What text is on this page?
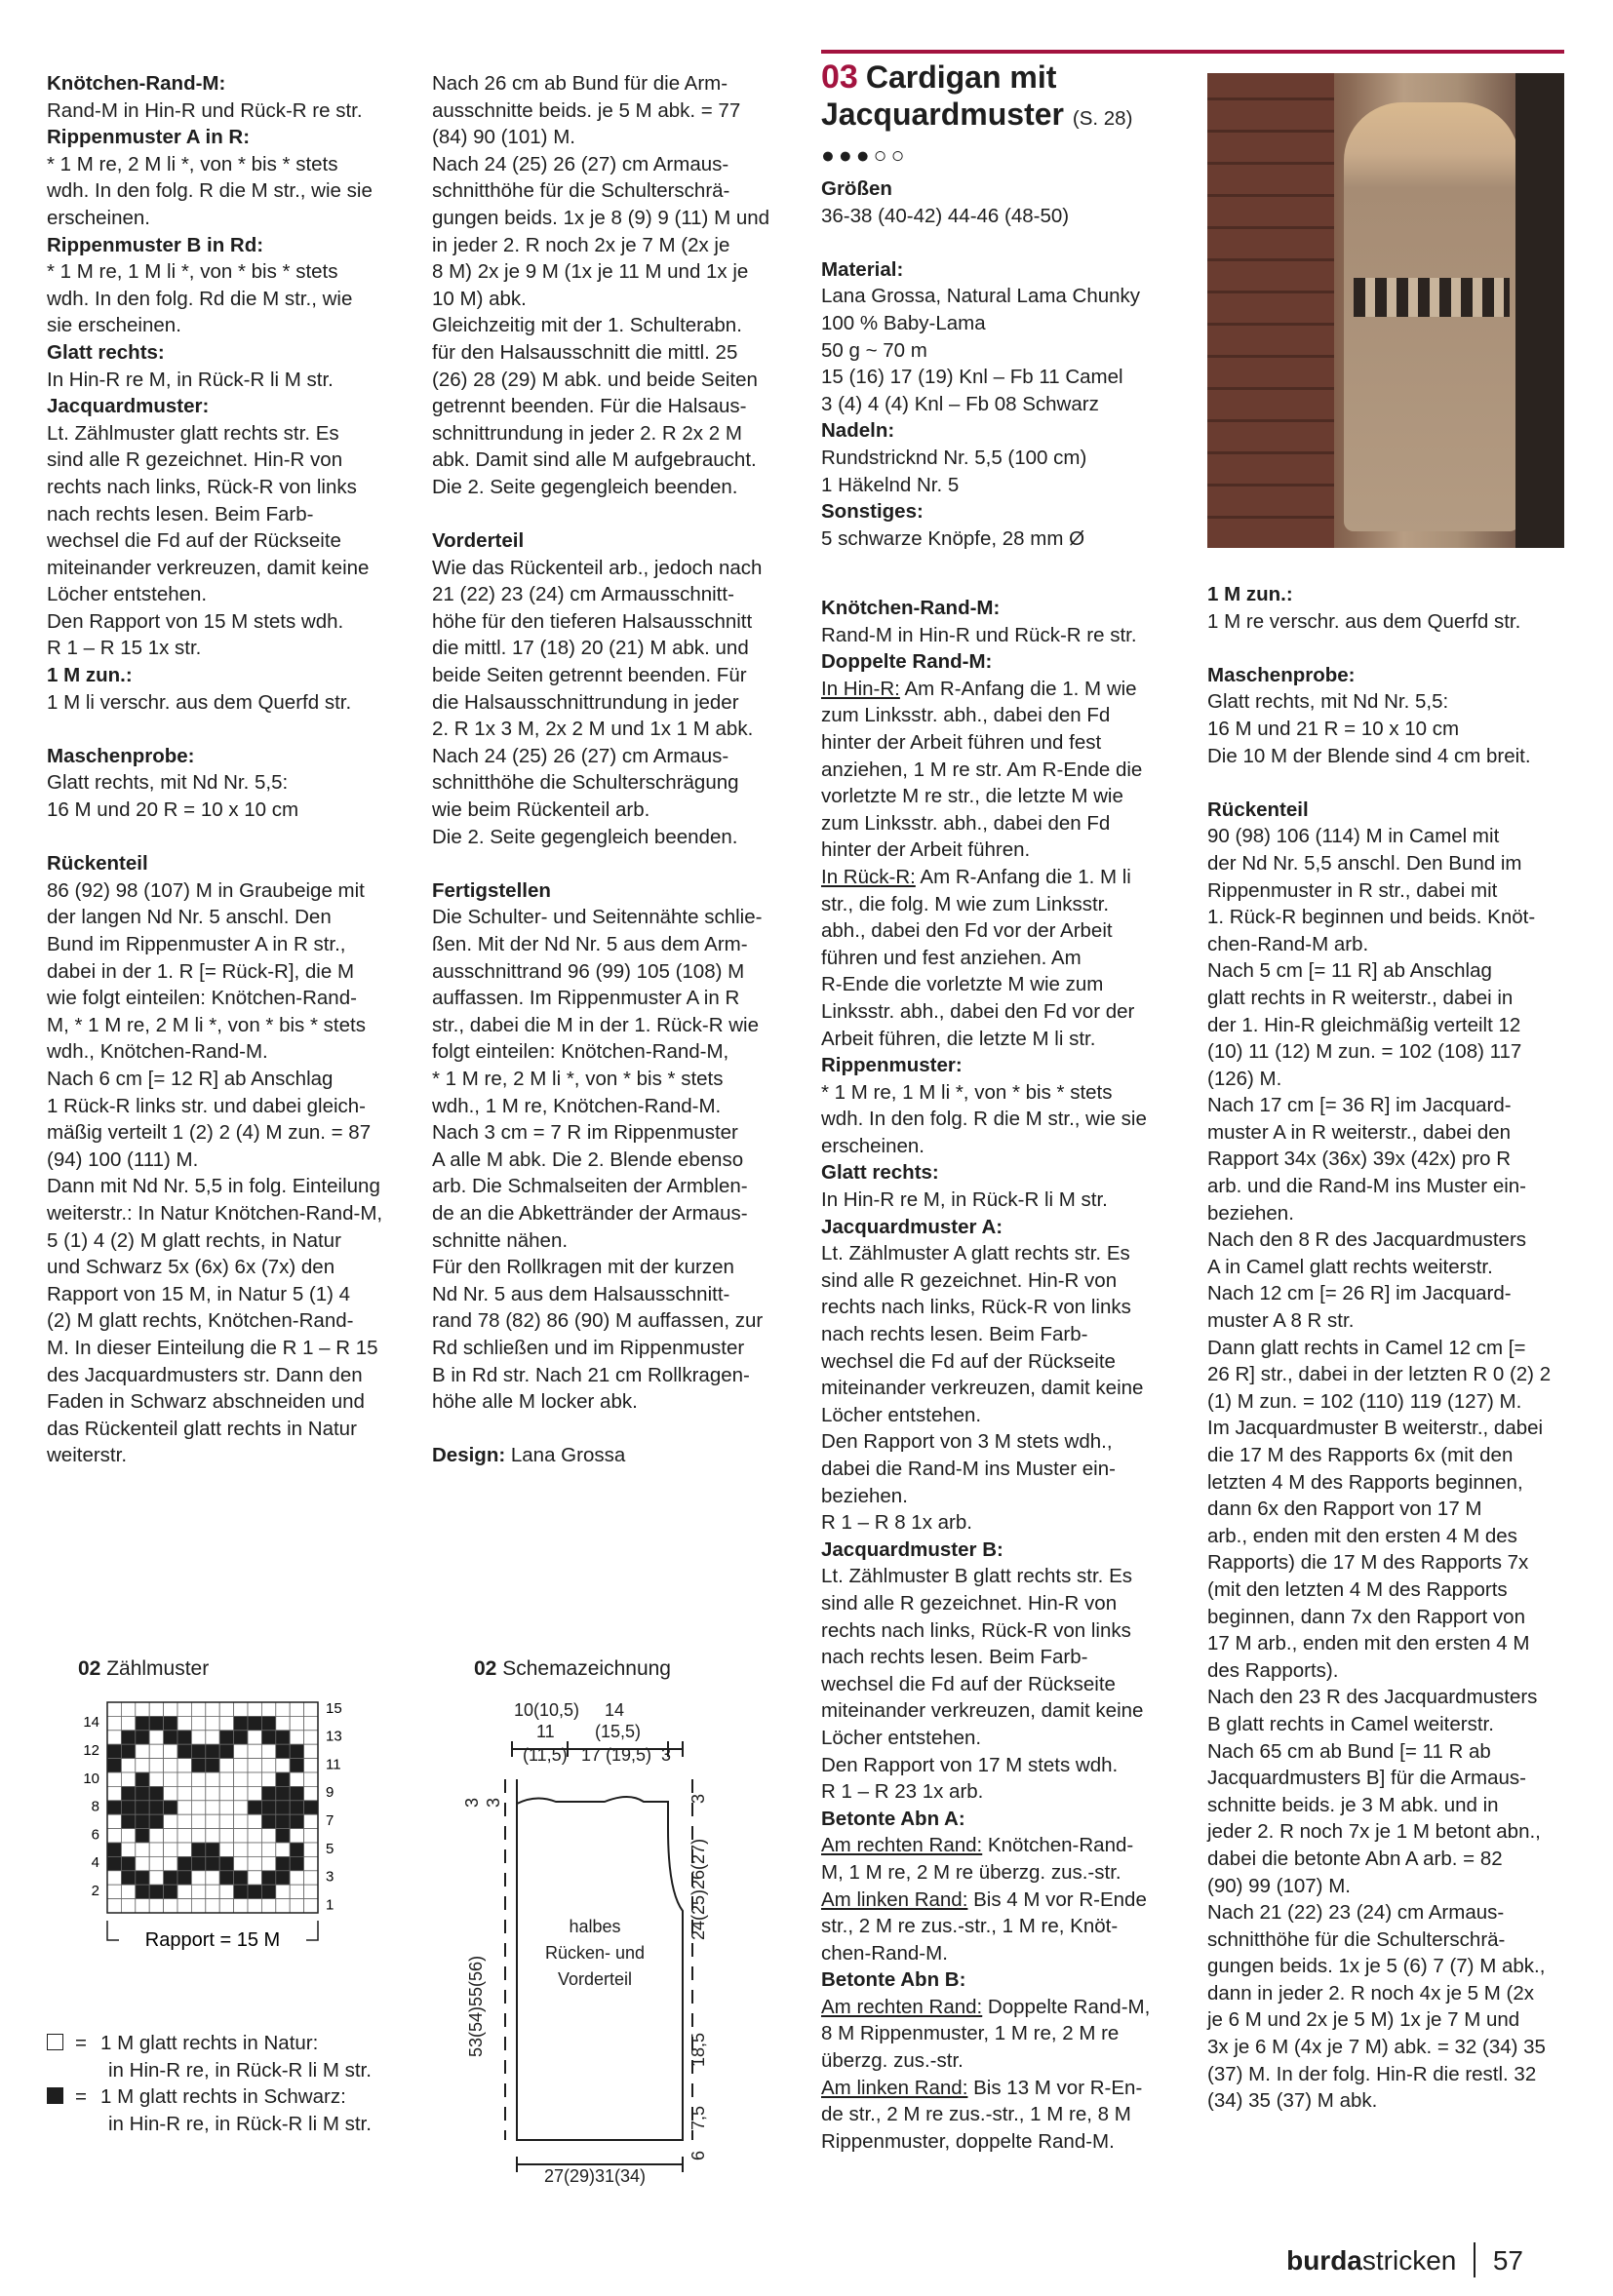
Knötchen-Rand-M:

Rand-M in Hin-R und Rück-R re str.

Rippenmuster A in R:

* 1 M re, 2 M li *, von * bis * stets

wdh. In den folg. R die M str., wie sie

erscheinen.

Rippenmuster B in Rd:

* 1 M re, 1 M li *, von * bis * stets

wdh. In den folg. Rd die M str., wie

sie erscheinen.

Glatt rechts:

In Hin-R re M, in Rück-R li M str.

Jacquardmuster:

Lt. Zählmuster glatt rechts str. Es

sind alle R gezeichnet. Hin-R von

rechts nach links, Rück-R von links

nach rechts lesen. Beim Farb-

wechsel die Fd auf der Rückseite

miteinander verkreuzen, damit keine

Löcher entstehen.

Den Rapport von 15 M stets wdh.

R 1 – R 15 1x str.

1 M zun.:

1 M li verschr. aus dem Querfd str.

Maschenprobe:

Glatt rechts, mit Nd Nr. 5,5:

16 M und 20 R = 10 x 10 cm

Rückenteil

86 (92) 98 (107) M in Graubeige mit

der langen Nd Nr. 5 anschl. Den

Bund im Rippenmuster A in R str.,

dabei in der 1. R [= Rück-R], die M

wie folgt einteilen: Knötchen-Rand-

M, * 1 M re, 2 M li *, von * bis * stets

wdh., Knötchen-Rand-M.

Nach 6 cm [= 12 R] ab Anschlag

1 Rück-R links str. und dabei gleich-

mäßig verteilt 1 (2) 2 (4) M zun. = 87

(94) 100 (111) M.

Dann mit Nd Nr. 5,5 in folg. Einteilung

weiterstr.: In Natur Knötchen-Rand-M,

5 (1) 4 (2) M glatt rechts, in Natur

und Schwarz 5x (6x) 6x (7x) den

Rapport von 15 M, in Natur 5 (1) 4

(2) M glatt rechts, Knötchen-Rand-

M. In dieser Einteilung die R 1 – R 15

des Jacquardmusters str. Dann den

Faden in Schwarz abschneiden und

das Rückenteil glatt rechts in Natur

weiterstr.

Nach 26 cm ab Bund für die Arm-

ausschnitte beids. je 5 M abk. = 77

(84) 90 (101) M.

Nach 24 (25) 26 (27) cm Armaus-

schnitthöhe für die Schulterschrä-

gungen beids. 1x je 8 (9) 9 (11) M und

in jeder 2. R noch 2x je 7 M (2x je

8 M) 2x je 9 M (1x je 11 M und 1x je

10 M) abk.

Gleichzeitig mit der 1. Schulterabn.

für den Halsausschnitt die mittl. 25

(26) 28 (29) M abk. und beide Seiten

getrennt beenden. Für die Halsaus-

schnittrundung in jeder 2. R 2x 2 M

abk. Damit sind alle M aufgebraucht.

Die 2. Seite gegengleich beenden.

Vorderteil

Wie das Rückenteil arb., jedoch nach

21 (22) 23 (24) cm Armausschnitt-

höhe für den tieferen Halsausschnitt

die mittl. 17 (18) 20 (21) M abk. und

beide Seiten getrennt beenden. Für

die Halsausschnittrundung in jeder

2. R 1x 3 M, 2x 2 M und 1x 1 M abk.

Nach 24 (25) 26 (27) cm Armaus-

schnitthöhe die Schulterschrägung

wie beim Rückenteil arb.

Die 2. Seite gegengleich beenden.

Fertigstellen

Die Schulter- und Seitennähte schlie-

ßen. Mit der Nd Nr. 5 aus dem Arm-

ausschnittrand 96 (99) 105 (108) M

auffassen. Im Rippenmuster A in R

str., dabei die M in der 1. Rück-R wie

folgt einteilen: Knötchen-Rand-M,

* 1 M re, 2 M li *, von * bis * stets

wdh., 1 M re, Knötchen-Rand-M.

Nach 3 cm = 7 R im Rippenmuster

A alle M abk. Die 2. Blende ebenso

arb. Die Schmalseiten der Armblen-

de an die Abkettränder der Armaus-

schnitte nähen.

Für den Rollkragen mit der kurzen

Nd Nr. 5 aus dem Halsausschnitt-

rand 78 (82) 86 (90) M auffassen, zur

Rd schließen und im Rippenmuster

B in Rd str. Nach 21 cm Rollkragen-

höhe alle M locker abk.

Design: Lana Grossa

03 Cardigan mit
Jacquardmuster (S. 28)
●●●○○

Größen

36-38 (40-42) 44-46 (48-50)

Material:

Lana Grossa, Natural Lama Chunky

100 % Baby-Lama

50 g ~ 70 m

15 (16) 17 (19) Knl – Fb 11 Camel

3 (4) 4 (4) Knl – Fb 08 Schwarz

Nadeln:

Rundstricknd Nr. 5,5 (100 cm)

1 Häkelnd Nr. 5

Sonstiges:

5 schwarze Knöpfe, 28 mm Ø

Knötchen-Rand-M:

Rand-M in Hin-R und Rück-R re str.

Doppelte Rand-M:

In Hin-R: Am R-Anfang die 1. M wie

zum Linksstr. abh., dabei den Fd

hinter der Arbeit führen und fest

anziehen, 1 M re str. Am R-Ende die

vorletzte M re str., die letzte M wie

zum Linksstr. abh., dabei den Fd

hinter der Arbeit führen.

In Rück-R: Am R-Anfang die 1. M li

str., die folg. M wie zum Linksstr.

abh., dabei den Fd vor der Arbeit

führen und fest anziehen. Am

R-Ende die vorletzte M wie zum

Linksstr. abh., dabei den Fd vor der

Arbeit führen, die letzte M li str.

Rippenmuster:

* 1 M re, 1 M li *, von * bis * stets

wdh. In den folg. R die M str., wie sie

erscheinen.

Glatt rechts:

In Hin-R re M, in Rück-R li M str.

Jacquardmuster A:

Lt. Zählmuster A glatt rechts str. Es

sind alle R gezeichnet. Hin-R von

rechts nach links, Rück-R von links

nach rechts lesen. Beim Farb-

wechsel die Fd auf der Rückseite

miteinander verkreuzen, damit keine

Löcher entstehen.

Den Rapport von 3 M stets wdh.,

dabei die Rand-M ins Muster ein-

beziehen.

R 1 – R 8 1x arb.

Jacquardmuster B:

Lt. Zählmuster B glatt rechts str. Es

sind alle R gezeichnet. Hin-R von

rechts nach links, Rück-R von links

nach rechts lesen. Beim Farb-

wechsel die Fd auf der Rückseite

miteinander verkreuzen, damit keine

Löcher entstehen.

Den Rapport von 17 M stets wdh.

R 1 – R 23 1x arb.

Betonte Abn A:

Am rechten Rand: Knötchen-Rand-

M, 1 M re, 2 M re überzg. zus.-str.

Am linken Rand: Bis 4 M vor R-Ende

str., 2 M re zus.-str., 1 M re, Knöt-

chen-Rand-M.

Betonte Abn B:

Am rechten Rand: Doppelte Rand-M,

8 M Rippenmuster, 1 M re, 2 M re

überzg. zus.-str.

Am linken Rand: Bis 13 M vor R-En-

de str., 2 M re zus.-str., 1 M re, 8 M

Rippenmuster, doppelte Rand-M.

1 M zun.:

1 M re verschr. aus dem Querfd str.

Maschenprobe:

Glatt rechts, mit Nd Nr. 5,5:

16 M und 21 R = 10 x 10 cm

Die 10 M der Blende sind 4 cm breit.

Rückenteil

90 (98) 106 (114) M in Camel mit

der Nd Nr. 5,5 anschl. Den Bund im

Rippenmuster in R str., dabei mit

1. Rück-R beginnen und beids. Knöt-

chen-Rand-M arb.

Nach 5 cm [= 11 R] ab Anschlag

glatt rechts in R weiterstr., dabei in

der 1. Hin-R gleichmäßig verteilt 12

(10) 11 (12) M zun. = 102 (108) 117

(126) M.

Nach 17 cm [= 36 R] im Jacquard-

muster A in R weiterstr., dabei den

Rapport 34x (36x) 39x (42x) pro R

arb. und die Rand-M ins Muster ein-

beziehen.

Nach den 8 R des Jacquardmusters

A in Camel glatt rechts weiterstr.

Nach 12 cm [= 26 R] im Jacquard-

muster A 8 R str.

Dann glatt rechts in Camel 12 cm [=

26 R] str., dabei in der letzten R 0 (2) 2

(1) M zun. = 102 (110) 119 (127) M.

Im Jacquardmuster B weiterstr., dabei

die 17 M des Rapports 6x (mit den

letzten 4 M des Rapports beginnen,

dann 6x den Rapport von 17 M

arb., enden mit den ersten 4 M des

Rapports) die 17 M des Rapports 7x

(mit den letzten 4 M des Rapports

beginnen, dann 7x den Rapport von

17 M arb., enden mit den ersten 4 M

des Rapports).

Nach den 23 R des Jacquardmusters

B glatt rechts in Camel weiterstr.

Nach 65 cm ab Bund [= 11 R ab

Jacquardmusters B] für die Armaus-

schnitte beids. je 3 M abk. und in

jeder 2. R noch 7x je 1 M betont abn.,

dabei die betonte Abn A arb. = 82

(90) 99 (107) M.

Nach 21 (22) 23 (24) cm Armaus-

schnitthöhe für die Schulterschrä-

gungen beids. 1x je 5 (6) 7 (7) M abk.,

dann in jeder 2. R noch 4x je 5 M (2x

je 6 M und 2x je 5 M) 1x je 7 M und

3x je 6 M (4x je 7 M) abk. = 32 (34) 35

(37) M. In der folg. Hin-R die restl. 32

(34) 35 (37) M abk.

02 Zählmuster
14
12
10
8
6
4
2
15
13
11
9
7
5
3
1
Rapport = 15 M
02 Schemazeichnung
10(10,5) 14
11 (15,5)
(11,5) 17 (19,5) 3
halbes
Rücken- und
Vorderteil
27(29)31(34)
3 3
53(54)55(56)
3
24(25)26(27)
18,5
7,5
6
= 1 M glatt rechts in Natur:
in Hin-R re, in Rück-R li M str.
= 1 M glatt rechts in Schwarz:
in Hin-R re, in Rück-R li M str.
burdastricken 57
